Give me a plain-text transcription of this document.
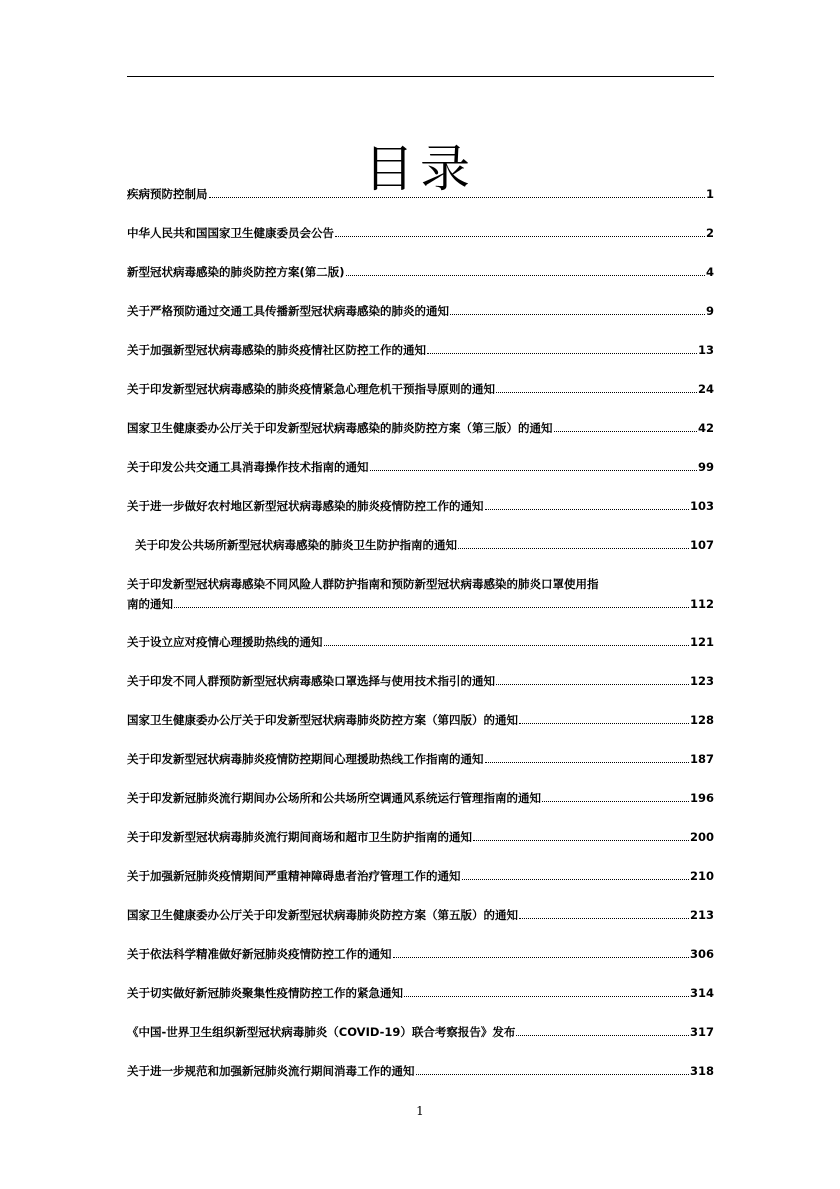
目录
疾病预防控制局	1
中华人民共和国国家卫生健康委员会公告	2
新型冠状病毒感染的肺炎防控方案(第二版)	4
关于严格预防通过交通工具传播新型冠状病毒感染的肺炎的通知	9
关于加强新型冠状病毒感染的肺炎疫情社区防控工作的通知	13
关于印发新型冠状病毒感染的肺炎疫情紧急心理危机干预指导原则的通知	24
国家卫生健康委办公厅关于印发新型冠状病毒感染的肺炎防控方案（第三版）的通知	42
关于印发公共交通工具消毒操作技术指南的通知	99
关于进一步做好农村地区新型冠状病毒感染的肺炎疫情防控工作的通知	103
关于印发公共场所新型冠状病毒感染的肺炎卫生防护指南的通知	107
关于印发新型冠状病毒感染不同风险人群防护指南和预防新型冠状病毒感染的肺炎口罩使用指
南的通知	112
关于设立应对疫情心理援助热线的通知	121
关于印发不同人群预防新型冠状病毒感染口罩选择与使用技术指引的通知	123
国家卫生健康委办公厅关于印发新型冠状病毒肺炎防控方案（第四版）的通知	128
关于印发新型冠状病毒肺炎疫情防控期间心理援助热线工作指南的通知	187
关于印发新冠肺炎流行期间办公场所和公共场所空调通风系统运行管理指南的通知	196
关于印发新型冠状病毒肺炎流行期间商场和超市卫生防护指南的通知	200
关于加强新冠肺炎疫情期间严重精神障碍患者治疗管理工作的通知	210
国家卫生健康委办公厅关于印发新型冠状病毒肺炎防控方案（第五版）的通知	213
关于依法科学精准做好新冠肺炎疫情防控工作的通知	306
关于切实做好新冠肺炎聚集性疫情防控工作的紧急通知	314
《中国-世界卫生组织新型冠状病毒肺炎（COVID-19）联合考察报告》发布	317
关于进一步规范和加强新冠肺炎流行期间消毒工作的通知	318
1
